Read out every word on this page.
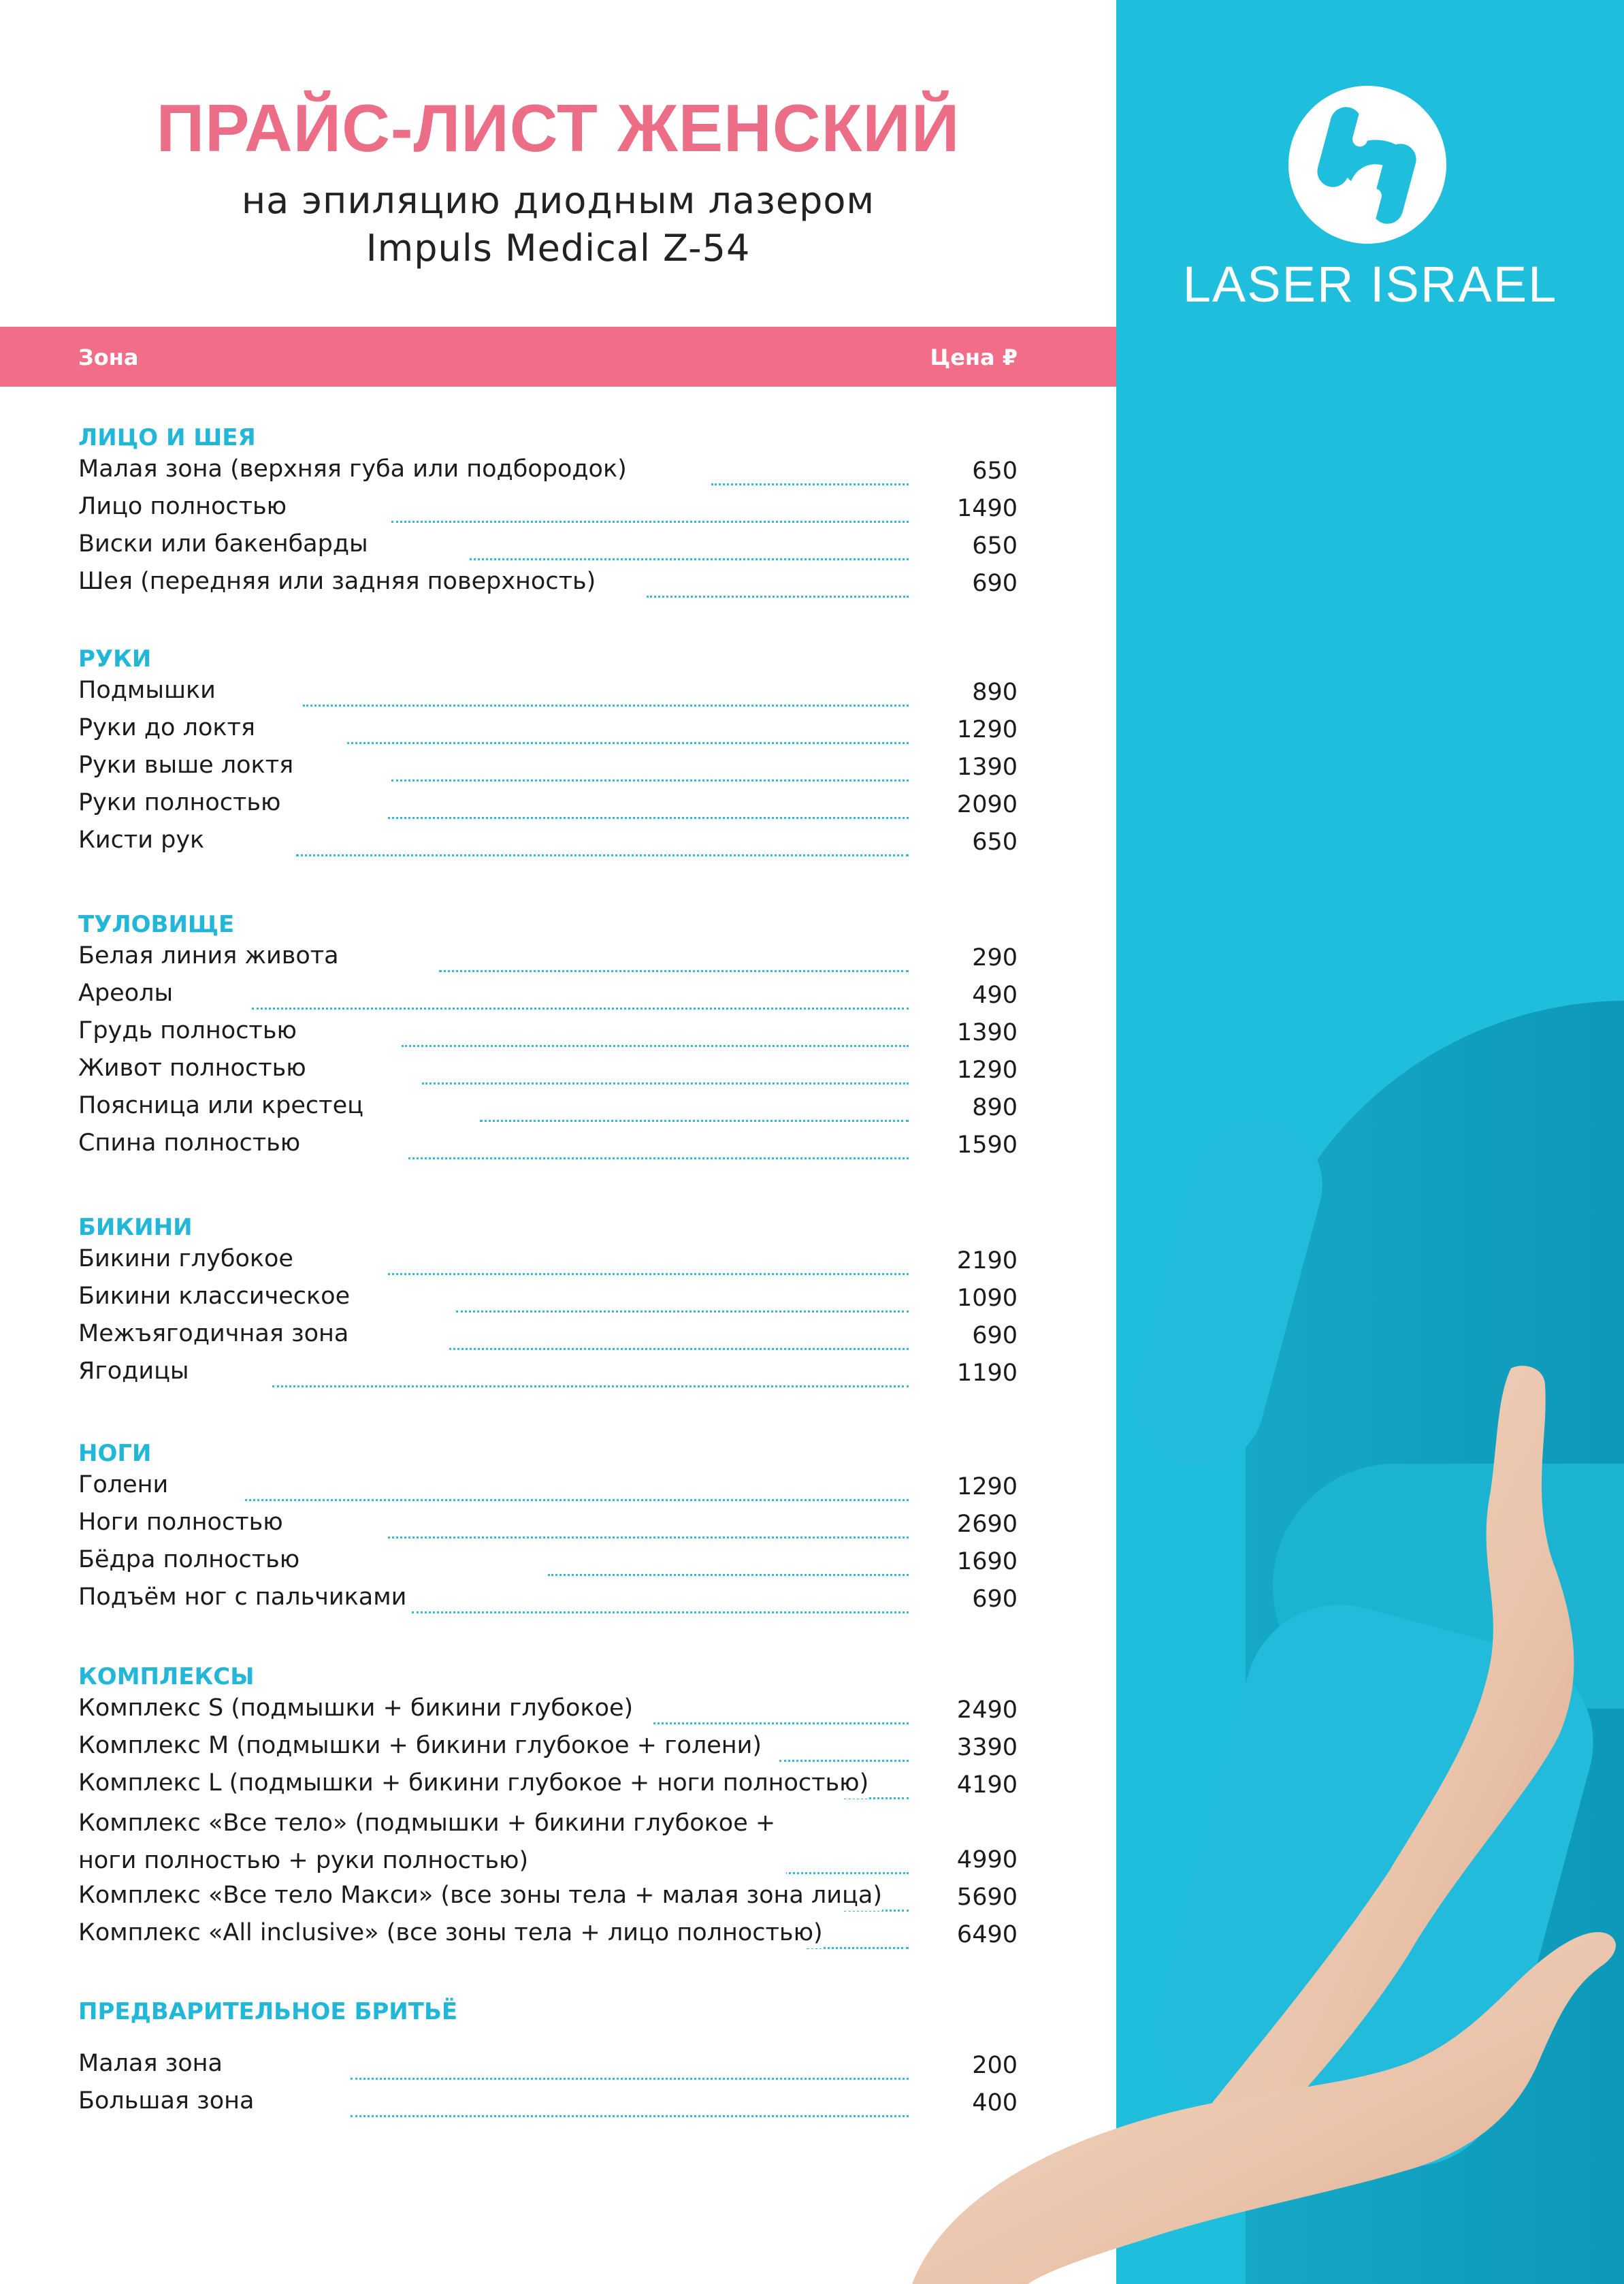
LASER ISRAEL
ПРАЙС-ЛИСТ ЖЕНСКИЙ
на эпиляцию диодным лазером
Impuls Medical Z-54
Зона	Цена ₽
ЛИЦО И ШЕЯ
Малая зона (верхняя губа или подбородок)	650
Лицо полностью	1490
Виски или бакенбарды	650
Шея (передняя или задняя поверхность)	690
РУКИ
Подмышки	890
Руки до локтя	1290
Руки выше локтя	1390
Руки полностью	2090
Кисти рук	650
ТУЛОВИЩЕ
Белая линия живота	290
Ареолы	490
Грудь полностью	1390
Живот полностью	1290
Поясница или крестец	890
Спина полностью	1590
БИКИНИ
Бикини глубокое	2190
Бикини классическое	1090
Межъягодичная зона	690
Ягодицы	1190
НОГИ
Голени	1290
Ноги полностью	2690
Бёдра полностью	1690
Подъём ног с пальчиками	690
КОМПЛЕКСЫ
Комплекс S (подмышки + бикини глубокое)	2490
Комплекс M (подмышки + бикини глубокое + голени)	3390
Комплекс L (подмышки + бикини глубокое + ноги полностью)	4190
Комплекс «Все тело» (подмышки + бикини глубокое + ноги полностью + руки полностью)	4990
Комплекс «Все тело Макси» (все зоны тела + малая зона лица)	5690
Комплекс «All inclusive» (все зоны тела + лицо полностью)	6490
ПРЕДВАРИТЕЛЬНОЕ БРИТЬЁ
Малая зона	200
Большая зона	400
